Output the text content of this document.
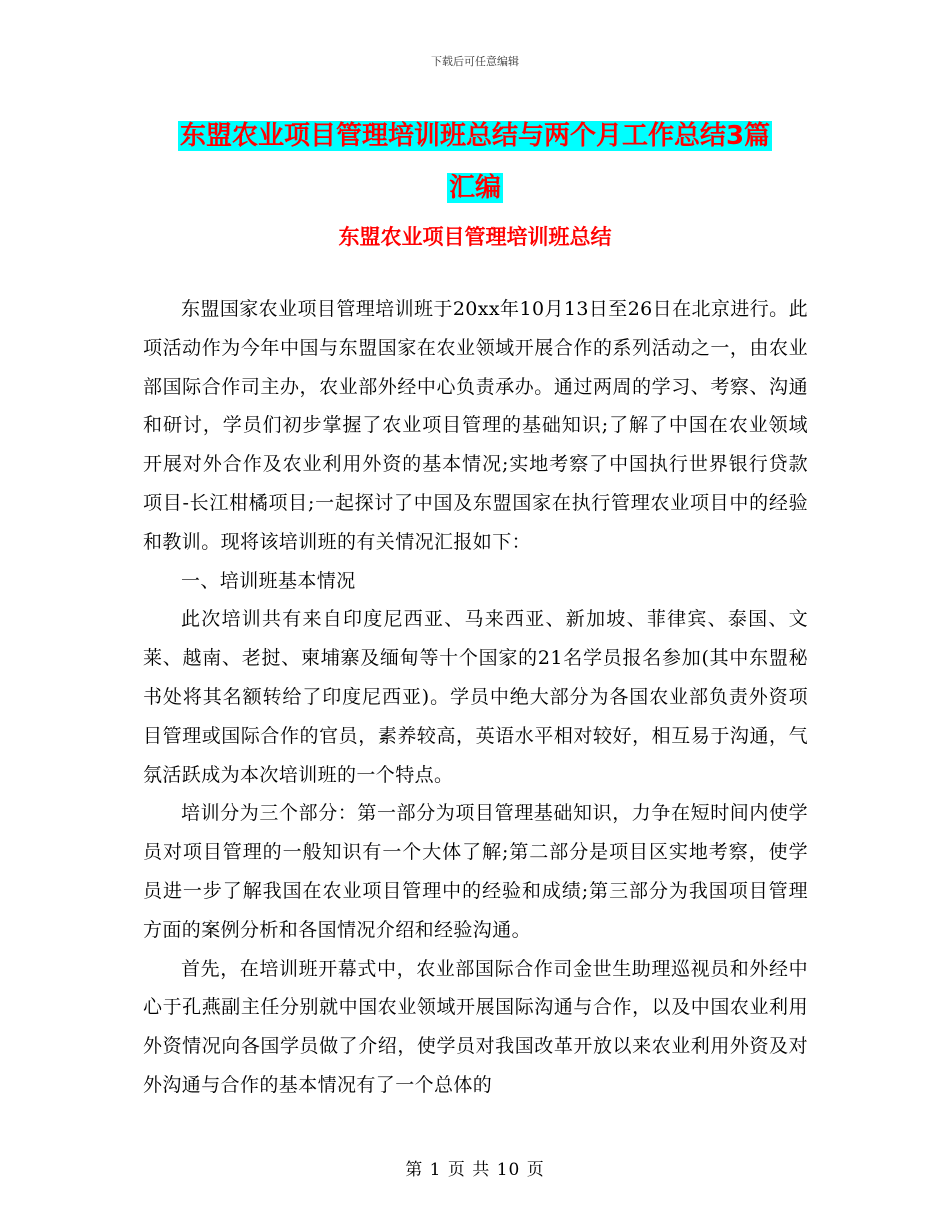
下载后可任意编辑
东盟农业项目管理培训班总结与两个月工作总结3篇
汇编
东盟农业项目管理培训班总结

东盟国家农业项目管理培训班于20xx年10月13日至26日在北京进行。此项活动作为今年中国与东盟国家在农业领域开展合作的系列活动之一，由农业部国际合作司主办，农业部外经中心负责承办。通过两周的学习、考察、沟通和研讨，学员们初步掌握了农业项目管理的基础知识;了解了中国在农业领域开展对外合作及农业利用外资的基本情况;实地考察了中国执行世界银行贷款项目-长江柑橘项目;一起探讨了中国及东盟国家在执行管理农业项目中的经验和教训。现将该培训班的有关情况汇报如下：

一、培训班基本情况

此次培训共有来自印度尼西亚、马来西亚、新加坡、菲律宾、泰国、文莱、越南、老挝、柬埔寨及缅甸等十个国家的21名学员报名参加(其中东盟秘书处将其名额转给了印度尼西亚)。学员中绝大部分为各国农业部负责外资项目管理或国际合作的官员，素养较高，英语水平相对较好，相互易于沟通，气氛活跃成为本次培训班的一个特点。

培训分为三个部分：第一部分为项目管理基础知识，力争在短时间内使学员对项目管理的一般知识有一个大体了解;第二部分是项目区实地考察，使学员进一步了解我国在农业项目管理中的经验和成绩;第三部分为我国项目管理方面的案例分析和各国情况介绍和经验沟通。

首先，在培训班开幕式中，农业部国际合作司金世生助理巡视员和外经中心于孔燕副主任分别就中国农业领域开展国际沟通与合作，以及中国农业利用外资情况向各国学员做了介绍，使学员对我国改革开放以来农业利用外资及对外沟通与合作的基本情况有了一个总体的

第 1 页 共 10 页
